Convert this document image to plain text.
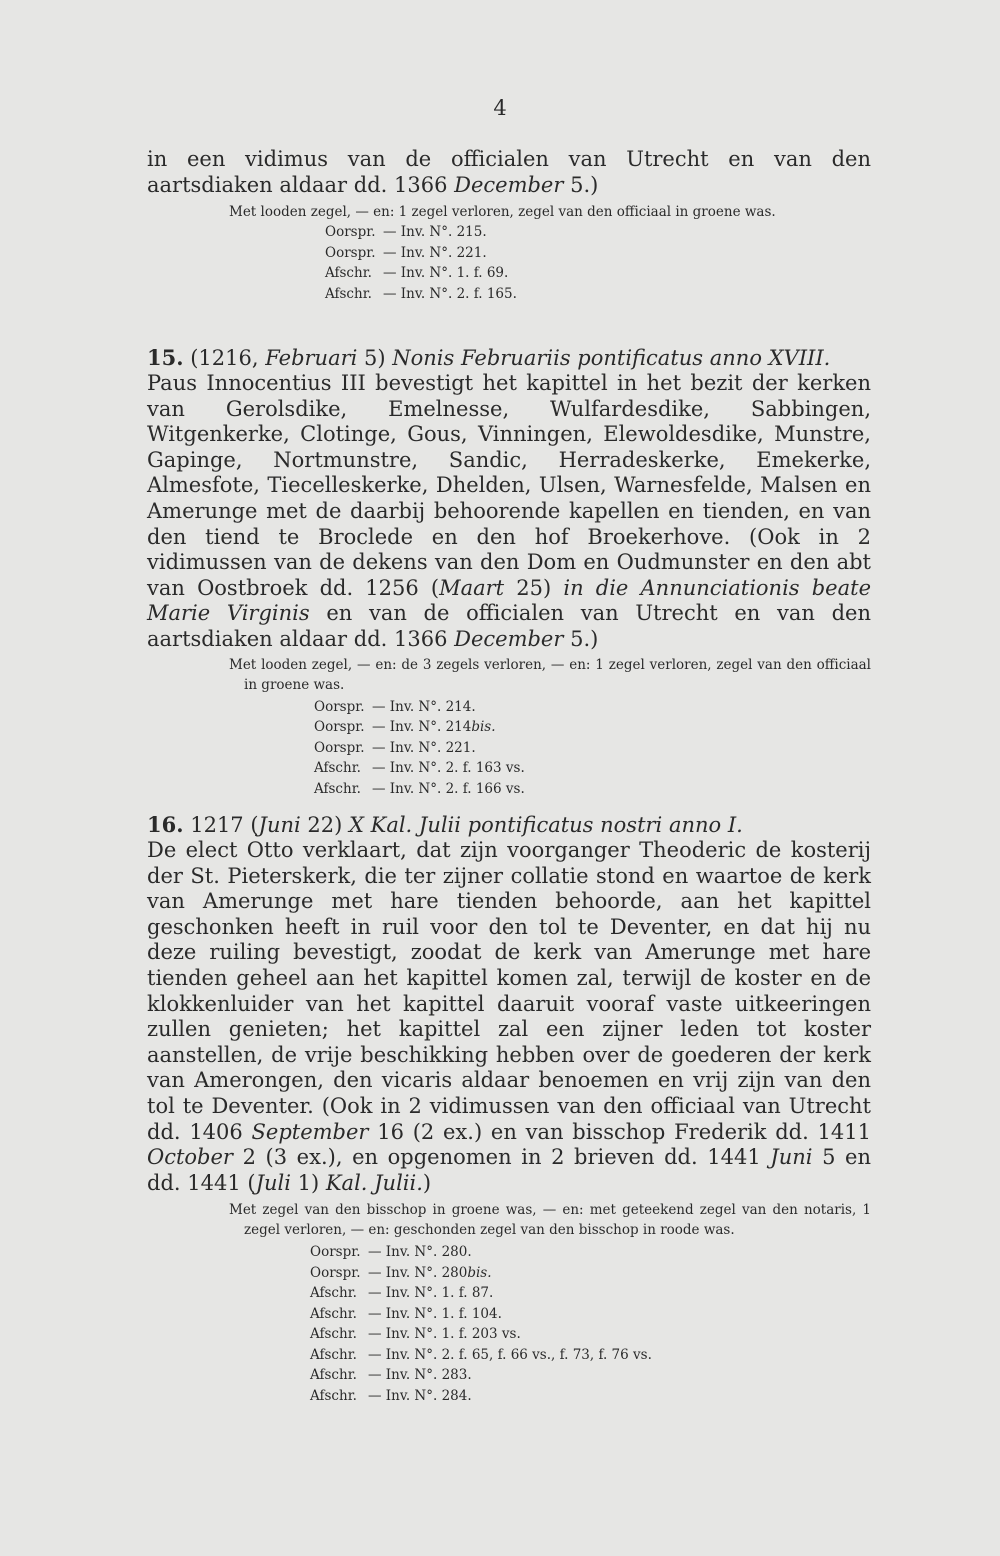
4

in een vidimus van de officialen van Utrecht en van den aartsdiaken aldaar dd. 1366 December 5.)

Met looden zegel, — en: 1 zegel verloren, zegel van den officiaal in groene was.

Oorspr. — Inv. N°. 215.
Oorspr. — Inv. N°. 221.
Afschr. — Inv. N°. 1. f. 69.
Afschr. — Inv. N°. 2. f. 165.

15. (1216, Februari 5) Nonis Februariis pontificatus anno XVIII.

Paus Innocentius III bevestigt het kapittel in het bezit der kerken van Gerolsdike, Emelnesse, Wulfardesdike, Sabbingen, Witgenkerke, Clotinge, Gous, Vinningen, Elewoldesdike, Munstre, Gapinge, Nortmunstre, Sandic, Herradeskerke, Emekerke, Almesfote, Tiecelleskerke, Dhelden, Ulsen, Warnesfelde, Malsen en Amerunge met de daarbij behoorende kapellen en tienden, en van den tiend te Broclede en den hof Broekerhove. (Ook in 2 vidimussen van de dekens van den Dom en Oudmunster en den abt van Oostbroek dd. 1256 (Maart 25) in die Annunciationis beate Marie Virginis en van de officialen van Utrecht en van den aartsdiaken aldaar dd. 1366 December 5.)

Met looden zegel, — en: de 3 zegels verloren, — en: 1 zegel verloren, zegel van den officiaal in groene was.

Oorspr. — Inv. N°. 214.
Oorspr. — Inv. N°. 214bis.
Oorspr. — Inv. N°. 221.
Afschr. — Inv. N°. 2. f. 163 vs.
Afschr. — Inv. N°. 2. f. 166 vs.

16. 1217 (Juni 22) X Kal. Julii pontificatus nostri anno I.

De elect Otto verklaart, dat zijn voorganger Theoderic de kosterij der St. Pieterskerk, die ter zijner collatie stond en waartoe de kerk van Amerunge met hare tienden behoorde, aan het kapittel geschonken heeft in ruil voor den tol te Deventer, en dat hij nu deze ruiling bevestigt, zoodat de kerk van Amerunge met hare tienden geheel aan het kapittel komen zal, terwijl de koster en de klokkenluider van het kapittel daaruit vooraf vaste uitkeeringen zullen genieten; het kapittel zal een zijner leden tot koster aanstellen, de vrije beschikking hebben over de goederen der kerk van Amerongen, den vicaris aldaar benoemen en vrij zijn van den tol te Deventer. (Ook in 2 vidimussen van den officiaal van Utrecht dd. 1406 September 16 (2 ex.) en van bisschop Frederik dd. 1411 October 2 (3 ex.), en opgenomen in 2 brieven dd. 1441 Juni 5 en dd. 1441 (Juli 1) Kal. Julii.)

Met zegel van den bisschop in groene was, — en: met geteekend zegel van den notaris, 1 zegel verloren, — en: geschonden zegel van den bisschop in roode was.

Oorspr. — Inv. N°. 280.
Oorspr. — Inv. N°. 280bis.
Afschr. — Inv. N°. 1. f. 87.
Afschr. — Inv. N°. 1. f. 104.
Afschr. — Inv. N°. 1. f. 203 vs.
Afschr. — Inv. N°. 2. f. 65, f. 66 vs., f. 73, f. 76 vs.
Afschr. — Inv. N°. 283.
Afschr. — Inv. N°. 284.
